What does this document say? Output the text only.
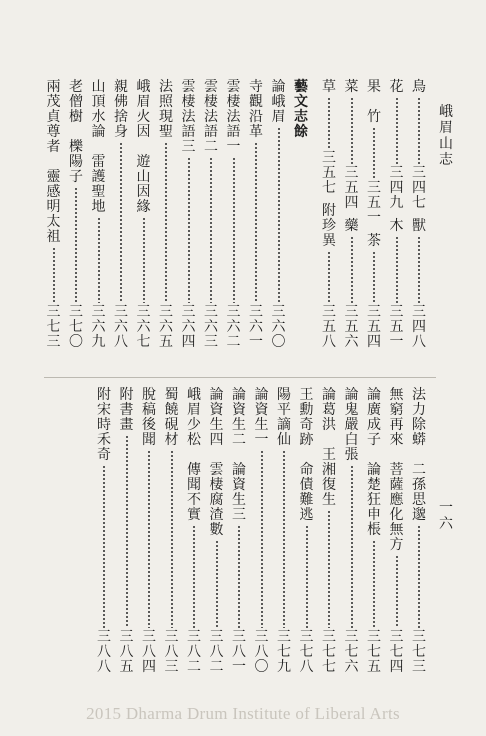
峨
眉
山
志
一
六
鳥
三
四
七
獸
三
四
八
花
三
四
九
木
三
五
一
果

竹
三
五
一
茶
三
五
四
菜
三
五
四
藥
三
五
六
草
三
五
七
附
珍
異
三
五
八
藝
文
志
餘
論
峨
眉
三
六
〇
寺
觀
沿
革
三
六
一
雲
棲
法
語
一
三
六
二
雲
棲
法
語
二
三
六
三
雲
棲
法
語
三
三
六
四
法
照
現
聖
三
六
五
峨
眉
火
因

遊
山
因
緣
三
六
七
親
佛
捨
身
三
六
八
山
頂
水
論

雷
護
聖
地
三
六
九
老
僧
樹

櫟
陽
子
三
七
〇
兩
茂
貞
尊
者

靈
感
明
太
祖
三
七
三
法
力
除
蟒

二
孫
思
邈
三
七
三
無
窮
再
來

菩
薩
應
化
無
方
三
七
四
論
廣
成
子

論
楚
狂
申
棖
三
七
五
論
鬼
嚴
白
張
三
七
六
論
葛
洪

王
湘
復
生
三
七
七
王
勳
奇
跡

命
債
難
逃
三
七
八
陽
平
謫
仙
三
七
九
論
資
生
一
三
八
〇
論
資
生
二

論
資
生
三
三
八
一
論
資
生
四

雲
棲
腐
渣
數
三
八
二
峨
眉
少
松

傳
聞
不
實
三
八
二
蜀
饒
硯
材
三
八
三
脫
稿
後
聞
三
八
四
附
書
畫
三
八
五
附
宋
時
禾
奇
三
八
八
2015 Dharma Drum Institute of Liberal Arts
